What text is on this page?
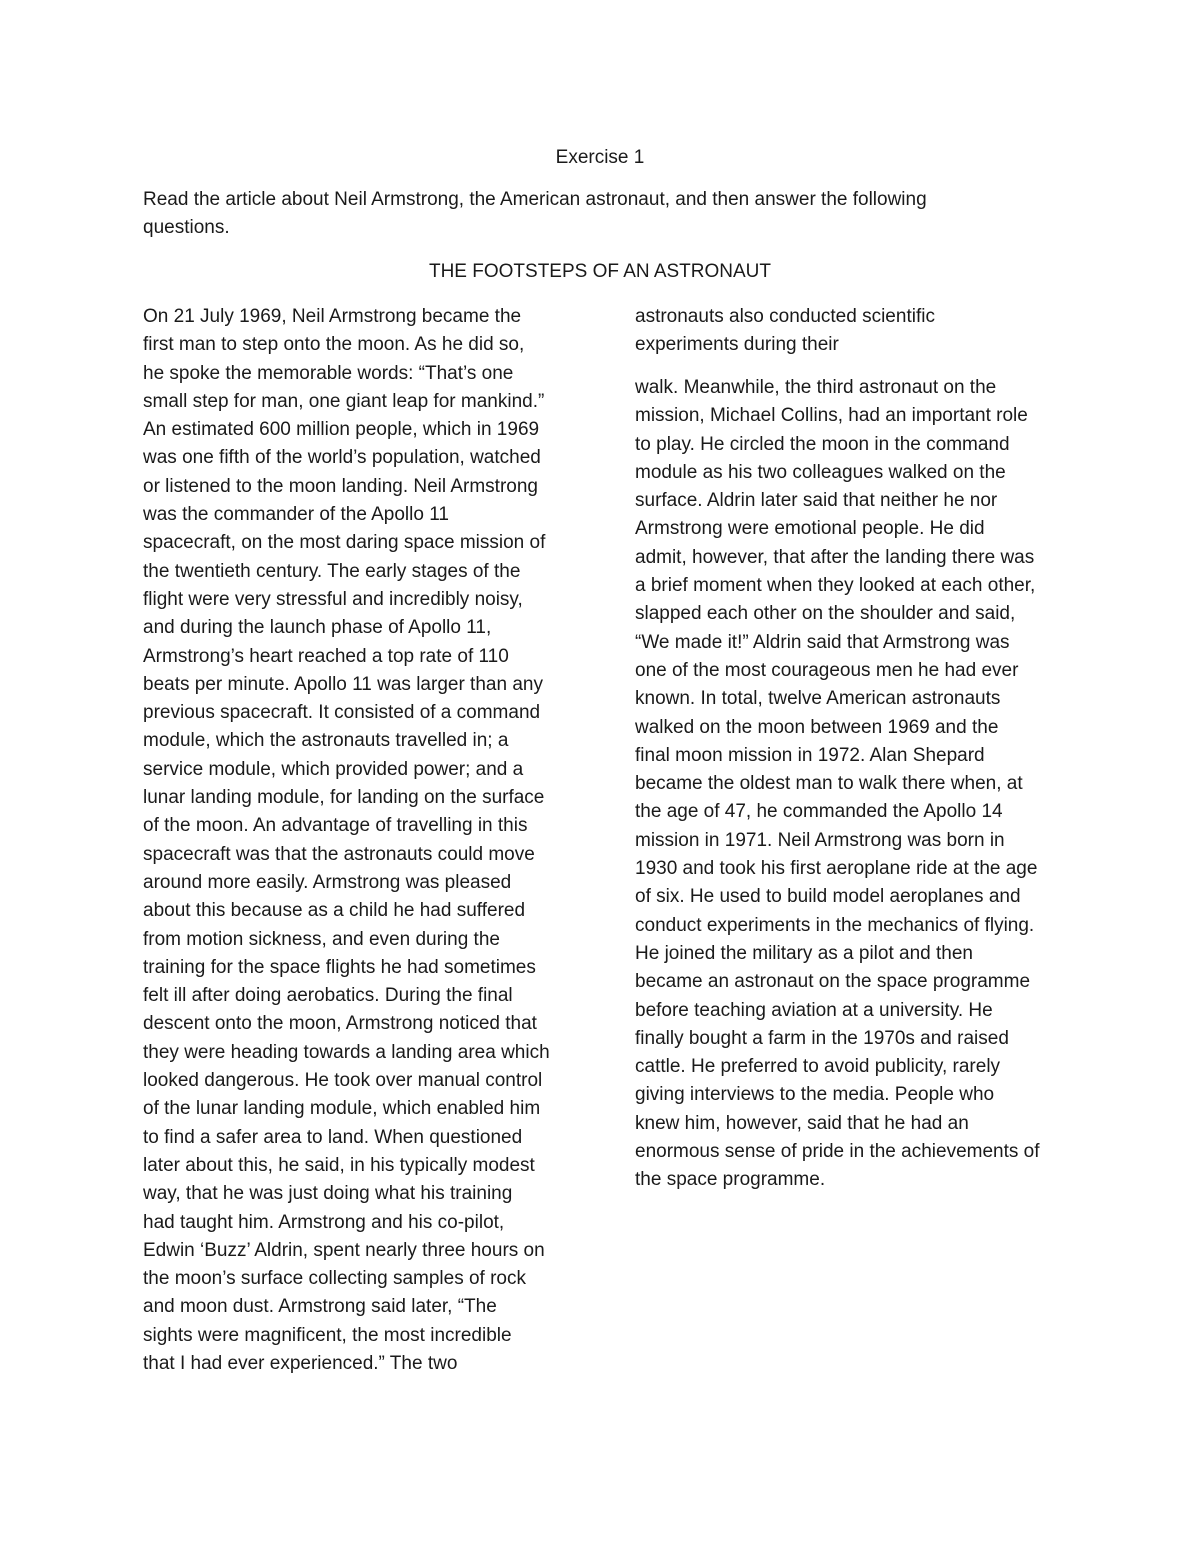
Exercise 1

Read the article about Neil Armstrong, the American astronaut, and then answer the following
questions.

THE FOOTSTEPS OF AN ASTRONAUT

On 21 July 1969, Neil Armstrong became the
first man to step onto the moon. As he did so,
he spoke the memorable words: “That’s one
small step for man, one giant leap for mankind.”
An estimated 600 million people, which in 1969
was one fifth of the world’s population, watched
or listened to the moon landing. Neil Armstrong
was the commander of the Apollo 11
spacecraft, on the most daring space mission of
the twentieth century. The early stages of the
flight were very stressful and incredibly noisy,
and during the launch phase of Apollo 11,
Armstrong’s heart reached a top rate of 110
beats per minute. Apollo 11 was larger than any
previous spacecraft. It consisted of a command
module, which the astronauts travelled in; a
service module, which provided power; and a
lunar landing module, for landing on the surface
of the moon. An advantage of travelling in this
spacecraft was that the astronauts could move
around more easily. Armstrong was pleased
about this because as a child he had suffered
from motion sickness, and even during the
training for the space flights he had sometimes
felt ill after doing aerobatics. During the final
descent onto the moon, Armstrong noticed that
they were heading towards a landing area which
looked dangerous. He took over manual control
of the lunar landing module, which enabled him
to find a safer area to land. When questioned
later about this, he said, in his typically modest
way, that he was just doing what his training
had taught him. Armstrong and his co-pilot,
Edwin ‘Buzz’ Aldrin, spent nearly three hours on
the moon’s surface collecting samples of rock
and moon dust. Armstrong said later, “The
sights were magnificent, the most incredible
that I had ever experienced.” The two

astronauts also conducted scientific
experiments during their

walk. Meanwhile, the third astronaut on the
mission, Michael Collins, had an important role
to play. He circled the moon in the command
module as his two colleagues walked on the
surface. Aldrin later said that neither he nor
Armstrong were emotional people. He did
admit, however, that after the landing there was
a brief moment when they looked at each other,
slapped each other on the shoulder and said,
“We made it!” Aldrin said that Armstrong was
one of the most courageous men he had ever
known. In total, twelve American astronauts
walked on the moon between 1969 and the
final moon mission in 1972. Alan Shepard
became the oldest man to walk there when, at
the age of 47, he commanded the Apollo 14
mission in 1971. Neil Armstrong was born in
1930 and took his first aeroplane ride at the age
of six. He used to build model aeroplanes and
conduct experiments in the mechanics of flying.
He joined the military as a pilot and then
became an astronaut on the space programme
before teaching aviation at a university. He
finally bought a farm in the 1970s and raised
cattle. He preferred to avoid publicity, rarely
giving interviews to the media. People who
knew him, however, said that he had an
enormous sense of pride in the achievements of
the space programme.
